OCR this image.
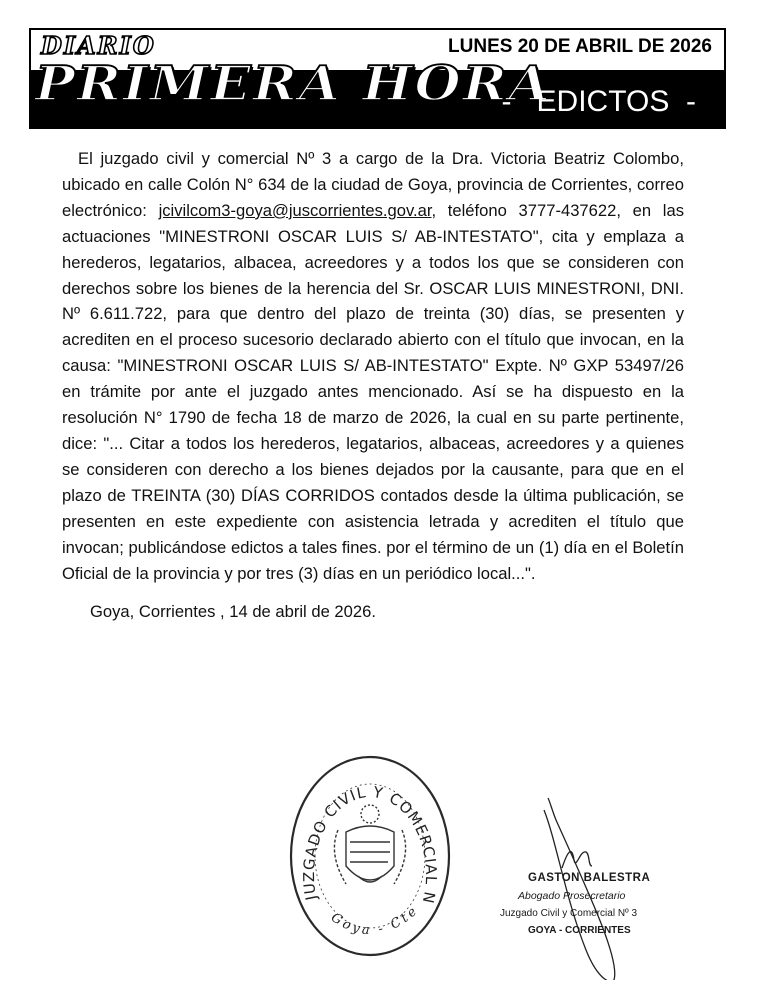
DIARIO
PRIMERA HORA
LUNES 20 DE ABRIL DE 2026
-   EDICTOS  -

El juzgado civil y comercial Nº 3 a cargo de la Dra. Victoria Beatriz Colombo, ubicado en calle Colón N° 634 de la ciudad de Goya, provincia de Corrientes, correo electrónico: jcivilcom3-goya@juscorrientes.gov.ar, teléfono 3777-437622, en las actuaciones "MINESTRONI OSCAR LUIS S/ AB-INTESTATO", cita y emplaza a herederos, legatarios, albacea, acreedores y a todos los que se consideren con derechos sobre los bienes de la herencia del Sr. OSCAR LUIS MINESTRONI, DNI. Nº 6.611.722, para que dentro del plazo de treinta (30) días, se presenten y acrediten en el proceso sucesorio declarado abierto con el título que invocan, en la causa: "MINESTRONI OSCAR LUIS S/ AB-INTESTATO" Expte. Nº GXP 53497/26 en trámite por ante el juzgado antes mencionado. Así se ha dispuesto en la resolución N° 1790 de fecha 18 de marzo de 2026, la cual en su parte pertinente, dice: "... Citar a todos los herederos, legatarios, albaceas, acreedores y a quienes se consideren con derecho a los bienes dejados por la causante, para que en el plazo de TREINTA (30) DÍAS CORRIDOS contados desde la última publicación, se presenten en este expediente con asistencia letrada y acrediten el título que invocan; publicándose edictos a tales fines. por el término de un (1) día en el Boletín Oficial de la provincia y por tres (3) días en un periódico local...".

Goya, Corrientes , 14 de abril de 2026.

JUZGADO CIVIL Y COMERCIAL N
Goya - Cte
GASTON BALESTRA
Abogado Prosecretario
Juzgado Civil y Comercial Nº 3
GOYA - CORRIENTES
